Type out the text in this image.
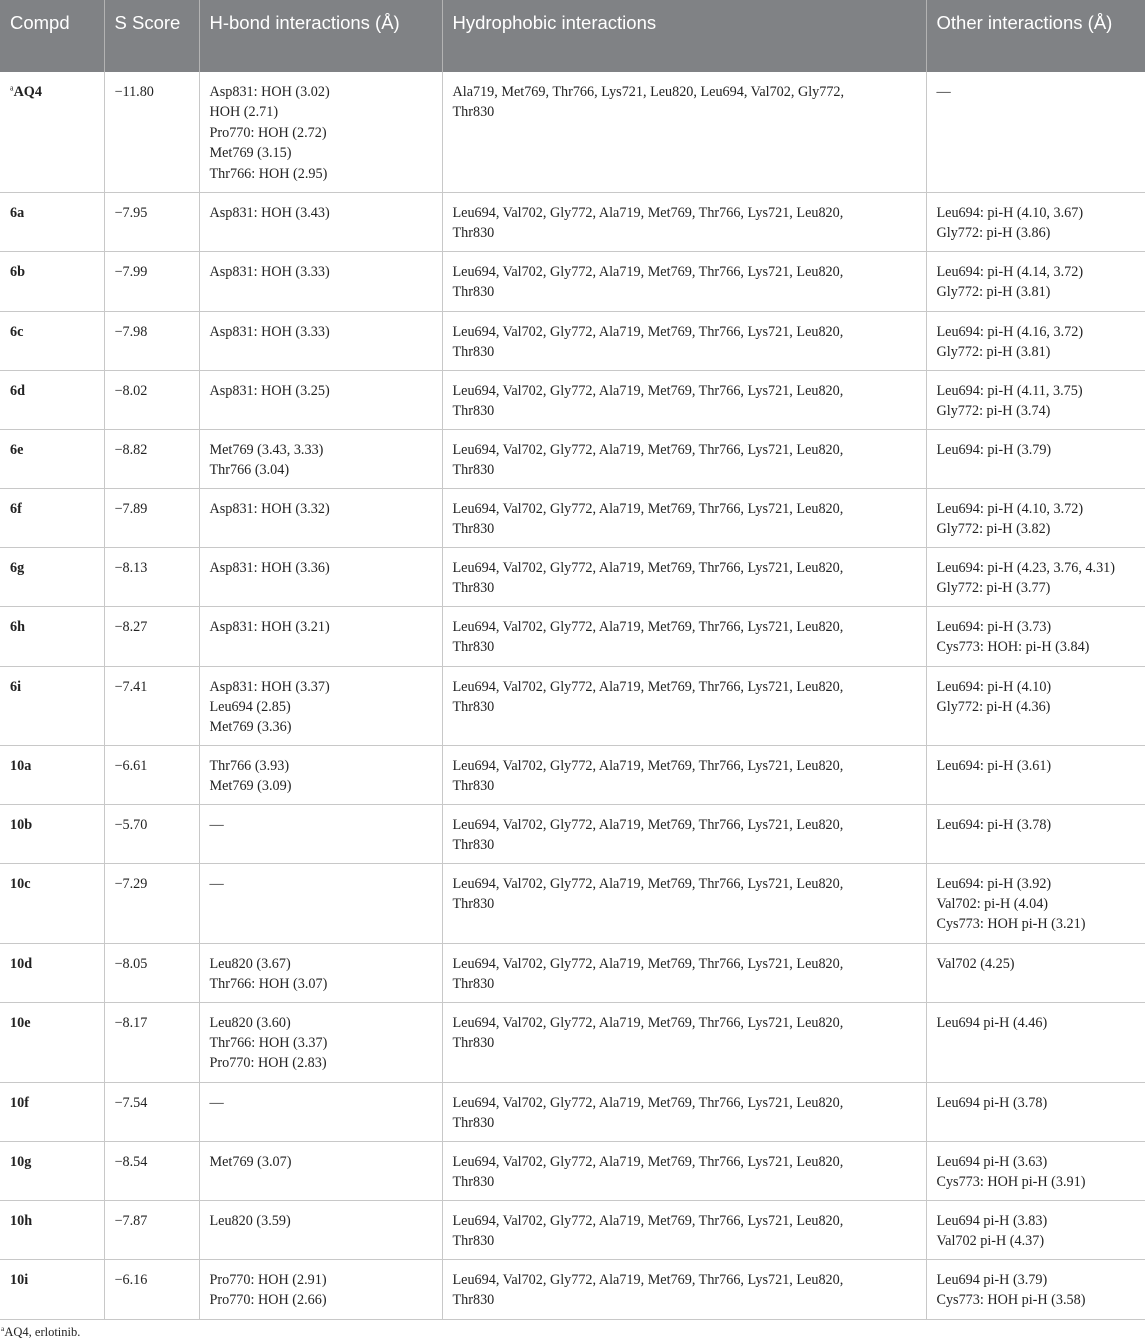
Compd	S Score	H-bond interactions (Å)	Hydrophobic interactions	Other interactions (Å)
$^a$AQ4	−11.80	Asp831: HOH (3.02)
HOH (2.71)
Pro770: HOH (2.72)
Met769 (3.15)
Thr766: HOH (2.95)	Ala719, Met769, Thr766, Lys721, Leu820, Leu694, Val702, Gly772,
Thr830	—

6a	−7.95	Asp831: HOH (3.43)	Leu694, Val702, Gly772, Ala719, Met769, Thr766, Lys721, Leu820,
Thr830	Leu694: pi-H (4.10, 3.67)
Gly772: pi-H (3.86)

6b	−7.99	Asp831: HOH (3.33)	Leu694, Val702, Gly772, Ala719, Met769, Thr766, Lys721, Leu820,
Thr830	Leu694: pi-H (4.14, 3.72)
Gly772: pi-H (3.81)

6c	−7.98	Asp831: HOH (3.33)	Leu694, Val702, Gly772, Ala719, Met769, Thr766, Lys721, Leu820,
Thr830	Leu694: pi-H (4.16, 3.72)
Gly772: pi-H (3.81)

6d	−8.02	Asp831: HOH (3.25)	Leu694, Val702, Gly772, Ala719, Met769, Thr766, Lys721, Leu820,
Thr830	Leu694: pi-H (4.11, 3.75)
Gly772: pi-H (3.74)

6e	−8.82	Met769 (3.43, 3.33)
Thr766 (3.04)	Leu694, Val702, Gly772, Ala719, Met769, Thr766, Lys721, Leu820,
Thr830	Leu694: pi-H (3.79)

6f	−7.89	Asp831: HOH (3.32)	Leu694, Val702, Gly772, Ala719, Met769, Thr766, Lys721, Leu820,
Thr830	Leu694: pi-H (4.10, 3.72)
Gly772: pi-H (3.82)

6g	−8.13	Asp831: HOH (3.36)	Leu694, Val702, Gly772, Ala719, Met769, Thr766, Lys721, Leu820,
Thr830	Leu694: pi-H (4.23, 3.76, 4.31)
Gly772: pi-H (3.77)

6h	−8.27	Asp831: HOH (3.21)	Leu694, Val702, Gly772, Ala719, Met769, Thr766, Lys721, Leu820,
Thr830	Leu694: pi-H (3.73)
Cys773: HOH: pi-H (3.84)

6i	−7.41	Asp831: HOH (3.37)
Leu694 (2.85)
Met769 (3.36)	Leu694, Val702, Gly772, Ala719, Met769, Thr766, Lys721, Leu820,
Thr830	Leu694: pi-H (4.10)
Gly772: pi-H (4.36)

10a	−6.61	Thr766 (3.93)
Met769 (3.09)	Leu694, Val702, Gly772, Ala719, Met769, Thr766, Lys721, Leu820,
Thr830	Leu694: pi-H (3.61)

10b	−5.70	—	Leu694, Val702, Gly772, Ala719, Met769, Thr766, Lys721, Leu820,
Thr830	Leu694: pi-H (3.78)

10c	−7.29	—	Leu694, Val702, Gly772, Ala719, Met769, Thr766, Lys721, Leu820,
Thr830	Leu694: pi-H (3.92)
Val702: pi-H (4.04)
Cys773: HOH pi-H (3.21)

10d	−8.05	Leu820 (3.67)
Thr766: HOH (3.07)	Leu694, Val702, Gly772, Ala719, Met769, Thr766, Lys721, Leu820,
Thr830	Val702 (4.25)

10e	−8.17	Leu820 (3.60)
Thr766: HOH (3.37)
Pro770: HOH (2.83)	Leu694, Val702, Gly772, Ala719, Met769, Thr766, Lys721, Leu820,
Thr830	Leu694 pi-H (4.46)

10f	−7.54	—	Leu694, Val702, Gly772, Ala719, Met769, Thr766, Lys721, Leu820,
Thr830	Leu694 pi-H (3.78)

10g	−8.54	Met769 (3.07)	Leu694, Val702, Gly772, Ala719, Met769, Thr766, Lys721, Leu820,
Thr830	Leu694 pi-H (3.63)
Cys773: HOH pi-H (3.91)

10h	−7.87	Leu820 (3.59)	Leu694, Val702, Gly772, Ala719, Met769, Thr766, Lys721, Leu820,
Thr830	Leu694 pi-H (3.83)
Val702 pi-H (4.37)

10i	−6.16	Pro770: HOH (2.91)
Pro770: HOH (2.66)	Leu694, Val702, Gly772, Ala719, Met769, Thr766, Lys721, Leu820,
Thr830	Leu694 pi-H (3.79)
Cys773: HOH pi-H (3.58)
$^a$AQ4, erlotinib.
